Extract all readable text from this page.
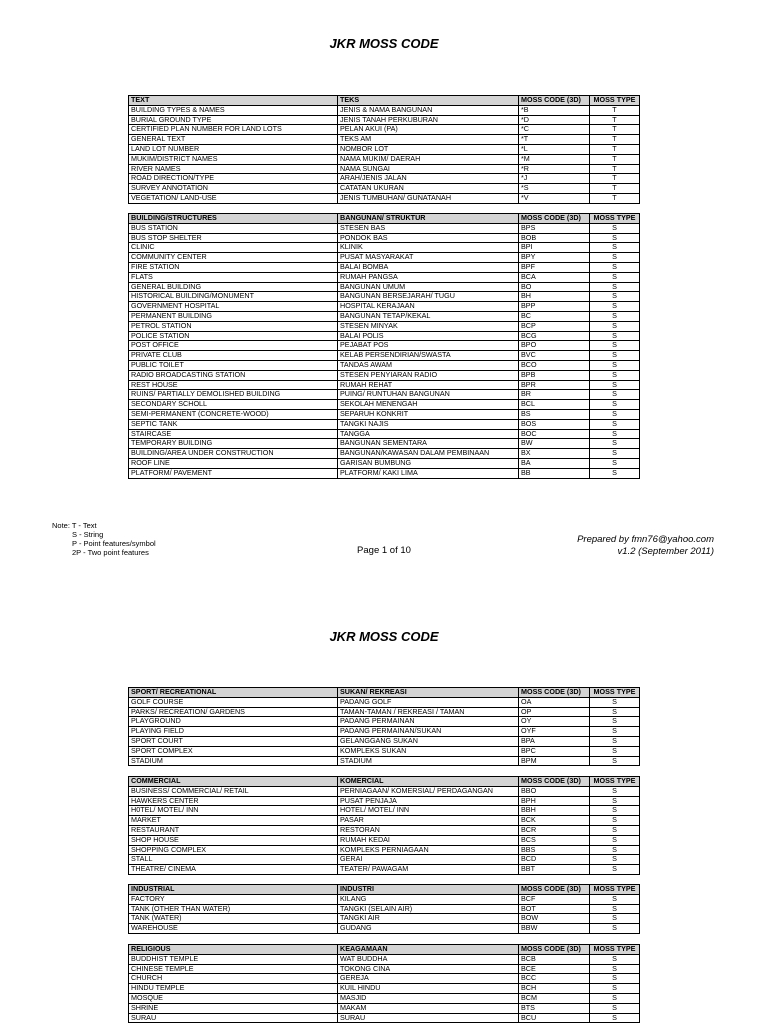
JKR MOSS CODE
TEXT	TEKS	MOSS CODE (3D)	MOSS TYPE
BUILDING TYPES & NAMES	JENIS & NAMA BANGUNAN	*B	T
BURIAL GROUND TYPE	JENIS TANAH PERKUBURAN	*D	T
CERTIFIED PLAN NUMBER FOR LAND LOTS	PELAN AKUI (PA)	*C	T
GENERAL TEXT	TEKS AM	*T	T
LAND LOT NUMBER	NOMBOR LOT	*L	T
MUKIM/DISTRICT NAMES	NAMA MUKIM/ DAERAH	*M	T
RIVER NAMES	NAMA SUNGAI	*R	T
ROAD DIRECTION/TYPE	ARAH/JENIS JALAN	*J	T
SURVEY ANNOTATION	CATATAN UKURAN	*S	T
VEGETATION/ LAND-USE	JENIS TUMBUHAN/ GUNATANAH	*V	T
BUILDING/STRUCTURES	BANGUNAN/ STRUKTUR	MOSS CODE (3D)	MOSS TYPE
BUS STATION	STESEN BAS	BPS	S
BUS STOP SHELTER	PONDOK BAS	BOB	S
CLINIC	KLINIK	BPI	S
COMMUNITY CENTER	PUSAT MASYARAKAT	BPY	S
FIRE STATION	BALAI BOMBA	BPF	S
FLATS	RUMAH PANGSA	BCA	S
GENERAL BUILDING	BANGUNAN UMUM	BO	S
HISTORICAL BUILDING/MONUMENT	BANGUNAN BERSEJARAH/ TUGU	BH	S
GOVERNMENT HOSPITAL	HOSPITAL KERAJAAN	BPP	S
PERMANENT BUILDING	BANGUNAN TETAP/KEKAL	BC	S
PETROL STATION	STESEN MINYAK	BCP	S
POLICE STATION	BALAI POLIS	BCG	S
POST OFFICE	PEJABAT POS	BPO	S
PRIVATE CLUB	KELAB PERSENDIRIAN/SWASTA	BVC	S
PUBLIC TOILET	TANDAS AWAM	BCO	S
RADIO BROADCASTING STATION	STESEN PENYIARAN RADIO	BPB	S
REST HOUSE	RUMAH REHAT	BPR	S
RUINS/ PARTIALLY DEMOLISHED BUILDING	PUING/ RUNTUHAN BANGUNAN	BR	S
SECONDARY SCHOLL	SEKOLAH MENENGAH	BCL	S
SEMI-PERMANENT (CONCRETE-WOOD)	SEPARUH KONKRIT	BS	S
SEPTIC TANK	TANGKI NAJIS	BOS	S
STAIRCASE	TANGGA	BOC	S
TEMPORARY BUILDING	BANGUNAN SEMENTARA	BW	S
BUILDING/AREA UNDER CONSTRUCTION	BANGUNAN/KAWASAN DALAM PEMBINAAN	BX	S
ROOF LINE	GARISAN BUMBUNG	BA	S
PLATFORM/ PAVEMENT	PLATFORM/ KAKI LIMA	BB	S
Note: T - Text
S - String
P - Point features/symbol
2P - Two point features	Page 1 of 10
Prepared by fmn76@yahoo.com
v1.2 (September 2011)
JKR MOSS CODE
SPORT/ RECREATIONAL	SUKAN/ REKREASI	MOSS CODE (3D)	MOSS TYPE
GOLF COURSE	PADANG GOLF	OA	S
PARKS/ RECREATION/ GARDENS	TAMAN-TAMAN / REKREASI / TAMAN	OP	S
PLAYGROUND	PADANG PERMAINAN	OY	S
PLAYING FIELD	PADANG PERMAINAN/SUKAN	OYF	S
SPORT COURT	GELANGGANG SUKAN	BPA	S
SPORT COMPLEX	KOMPLEKS SUKAN	BPC	S
STADIUM	STADIUM	BPM	S
COMMERCIAL	KOMERCIAL	MOSS CODE (3D)	MOSS TYPE
BUSINESS/ COMMERCIAL/ RETAIL	PERNIAGAAN/ KOMERSIAL/ PERDAGANGAN	BBO	S
HAWKERS CENTER	PUSAT PENJAJA	BPH	S
H0TEL/ MOTEL/ INN	HOTEL/ MOTEL/ INN	BBH	S
MARKET	PASAR	BCK	S
RESTAURANT	RESTORAN	BCR	S
SHOP HOUSE	RUMAH KEDAI	BCS	S
SHOPPING COMPLEX	KOMPLEKS PERNIAGAAN	BBS	S
STALL	GERAI	BCD	S
THEATRE/ CINEMA	TEATER/ PAWAGAM	BBT	S
INDUSTRIAL	INDUSTRI	MOSS CODE (3D)	MOSS TYPE
FACTORY	KILANG	BCF	S
TANK (OTHER THAN WATER)	TANGKI (SELAIN AIR)	BOT	S
TANK (WATER)	TANGKI AIR	BOW	S
WAREHOUSE	GUDANG	BBW	S
RELIGIOUS	KEAGAMAAN	MOSS CODE (3D)	MOSS TYPE
BUDDHIST TEMPLE	WAT BUDDHA	BCB	S
CHINESE TEMPLE	TOKONG CINA	BCE	S
CHURCH	GEREJA	BCC	S
HINDU TEMPLE	KUIL HINDU	BCH	S
MOSQUE	MASJID	BCM	S
SHRINE	MAKAM	BTS	S
SURAU	SURAU	BCU	S
